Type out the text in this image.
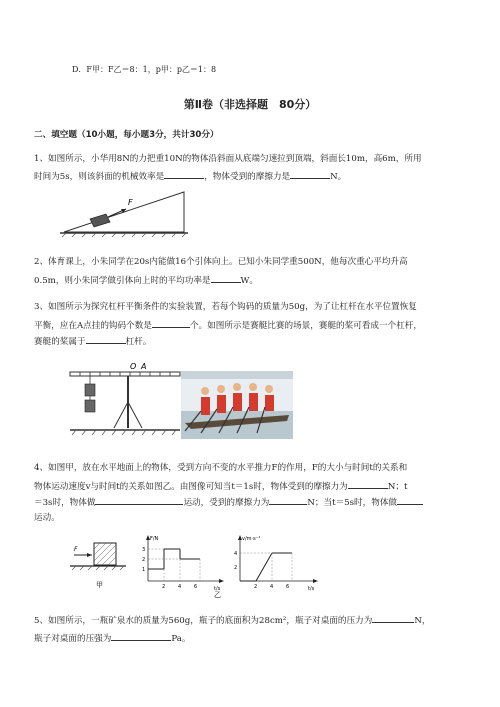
D．F甲：F乙＝8：1，p甲：p乙＝1：8
第Ⅱ卷（非选择题　80分）
二、填空题（10小题，每小题3分，共计30分）
1、如图所示，小华用8N的力把重10N的物体沿斜面从底端匀速拉到顶端，斜面长10m，高6m，所用
时间为5s，则该斜面的机械效率是	，物体受到的摩擦力是	N。
F
2、体育课上，小朱同学在20s内能做16个引体向上。已知小朱同学重500N，他每次重心平均升高
0.5m，则小朱同学做引体向上时的平均功率是	W。
3、如图所示为探究杠杆平衡条件的实验装置，若每个钩码的质量为50g，为了让杠杆在水平位置恢复
平衡，应在A点挂的钩码个数是	个。如图所示是赛艇比赛的场景，赛艇的桨可看成一个杠杆，
赛艇的桨属于	杠杆。
O A
4、如图甲，放在水平地面上的物体，受到方向不变的水平推力F的作用，F的大小与时间t的关系和
物体运动速度v与时间t的关系如图乙。由图像可知当t＝1s时，物体受到的摩擦力为	N；t
＝3s时，物体做	运动，受到的摩擦力为	N；当t＝5s时，物体做
运动。
F
甲
F/N
t/s
1
2
3
2	4	6
v/m·s⁻¹
t/s
2
4
2	4	6
乙
5、如图所示，一瓶矿泉水的质量为560g，瓶子的底面积为28cm²，瓶子对桌面的压力为	N，
瓶子对桌面的压强为	Pa。
